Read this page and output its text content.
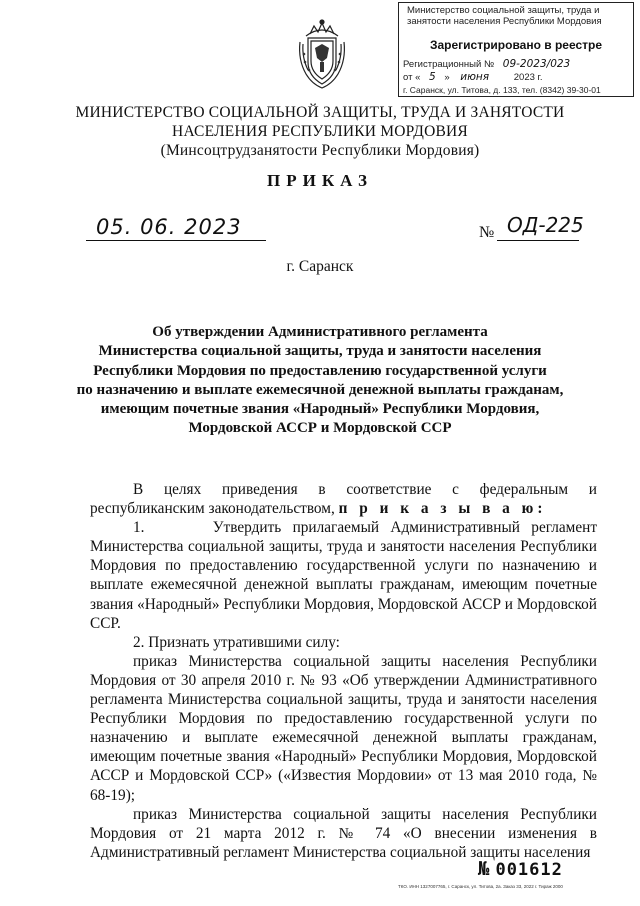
Министерство социальной защиты, труда и
занятости населения Республики Мордовия
Зарегистрировано в реестре
Регистрационный № 09-2023/023
от « 5 » июня	2023 г.
г. Саранск, ул. Титова, д. 133, тел. (8342) 39-30-01
МИНИСТЕРСТВО СОЦИАЛЬНОЙ ЗАЩИТЫ, ТРУДА И ЗАНЯТОСТИ
НАСЕЛЕНИЯ РЕСПУБЛИКИ МОРДОВИЯ
(Минсоцтрудзанятости Республики Мордовия)
ПРИКАЗ
05. 06. 2023	№ ОД-225
г. Саранск
Об утверждении Административного регламента
Министерства социальной защиты, труда и занятости населения
Республики Мордовия по предоставлению государственной услуги
по назначению и выплате ежемесячной денежной выплаты гражданам,
имеющим почетные звания «Народный» Республики Мордовия,
Мордовской АССР и Мордовской ССР

В целях приведения в соответствие с федеральным и республиканским законодательством, п р и к а з ы в а ю:

1.      Утвердить прилагаемый Административный регламент Министерства социальной защиты, труда и занятости населения Республики Мордовия по предоставлению государственной услуги по назначению и выплате ежемесячной денежной выплаты гражданам, имеющим почетные звания «Народный» Республики Мордовия, Мордовской АССР и Мордовской ССР.

2. Признать утратившими силу:

приказ Министерства социальной защиты населения Республики Мордовия от 30 апреля 2010 г. № 93 «Об утверждении Административного регламента Министерства социальной защиты, труда и занятости населения Республики Мордовия по предоставлению государственной услуги по назначению и выплате ежемесячной денежной выплаты гражданам, имеющим почетные звания «Народный» Республики Мордовия, Мордовской АССР и Мордовской ССР» («Известия Мордовии» от 13 мая 2010 года, № 68-19);

приказ Министерства социальной защиты населения Республики Мордовия от 21 марта 2012 г. № 74 «О внесении изменения в Административный регламент Министерства социальной защиты населения

№ 001612
ТКО. ИНН 1327007765, г. Саранск, ул. Титова, 2а. Заказ 33, 2022 г. Тираж 2000
